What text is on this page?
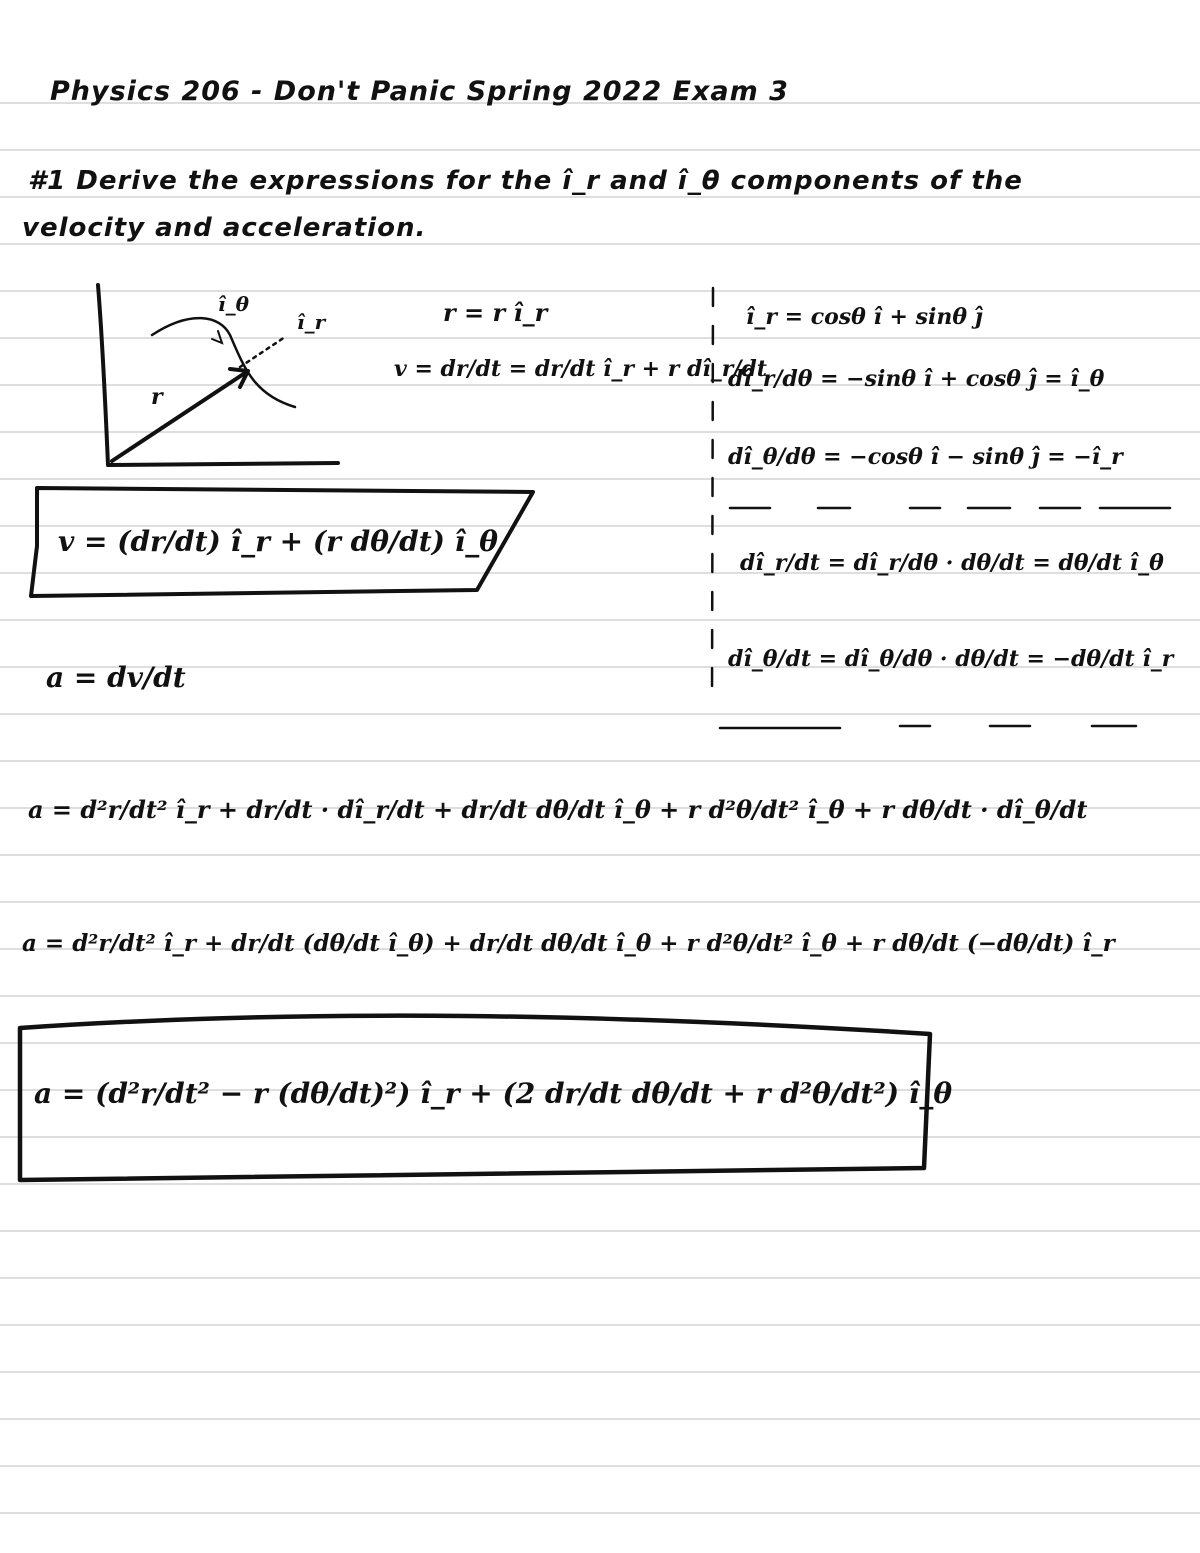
Physics 206 - Don't Panic Spring 2022 Exam 3
#1 Derive the expressions for the î_r and î_θ components of the
velocity and acceleration.
î_θ
î_r
r
r = r î_r
v = dr/dt = dr/dt î_r + r dî_r/dt
î_r = cosθ î + sinθ ĵ
dî_r/dθ = −sinθ î + cosθ ĵ = î_θ
dî_θ/dθ = −cosθ î − sinθ ĵ = −î_r
dî_r/dt = dî_r/dθ · dθ/dt = dθ/dt î_θ
dî_θ/dt = dî_θ/dθ · dθ/dt = −dθ/dt î_r
v = (dr/dt) î_r + (r dθ/dt) î_θ
a = dv/dt
a = d²r/dt² î_r + dr/dt · dî_r/dt + dr/dt dθ/dt î_θ + r d²θ/dt² î_θ + r dθ/dt · dî_θ/dt
a = d²r/dt² î_r + dr/dt (dθ/dt î_θ) + dr/dt dθ/dt î_θ + r d²θ/dt² î_θ + r dθ/dt (−dθ/dt) î_r
a = (d²r/dt² − r (dθ/dt)²) î_r + (2 dr/dt dθ/dt + r d²θ/dt²) î_θ
